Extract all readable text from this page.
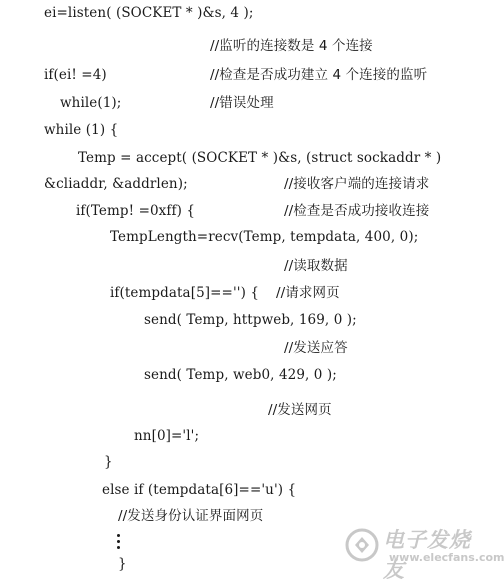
ei=listen( (SOCKET * )&s, 4 );
//监听的连接数是 4 个连接
if(ei! =4)	//检查是否成功建立 4 个连接的监听
while(1);	//错误处理
while (1) {
Temp = accept( (SOCKET * )&s, (struct sockaddr * )
&cliaddr, &addrlen);	//接收客户端的连接请求
if(Temp! =0xff) {	//检查是否成功接收连接
TempLength=recv(Temp, tempdata, 400, 0);
//读取数据
if(tempdata[5]=='') { //请求网页
send( Temp, httpweb, 169, 0 );
//发送应答
send( Temp, web0, 429, 0 );
//发送网页
nn[0]='l';
}
else if (tempdata[6]=='u') {
//发送身份认证界面网页
}
电子发烧友
www.elecfans.com
